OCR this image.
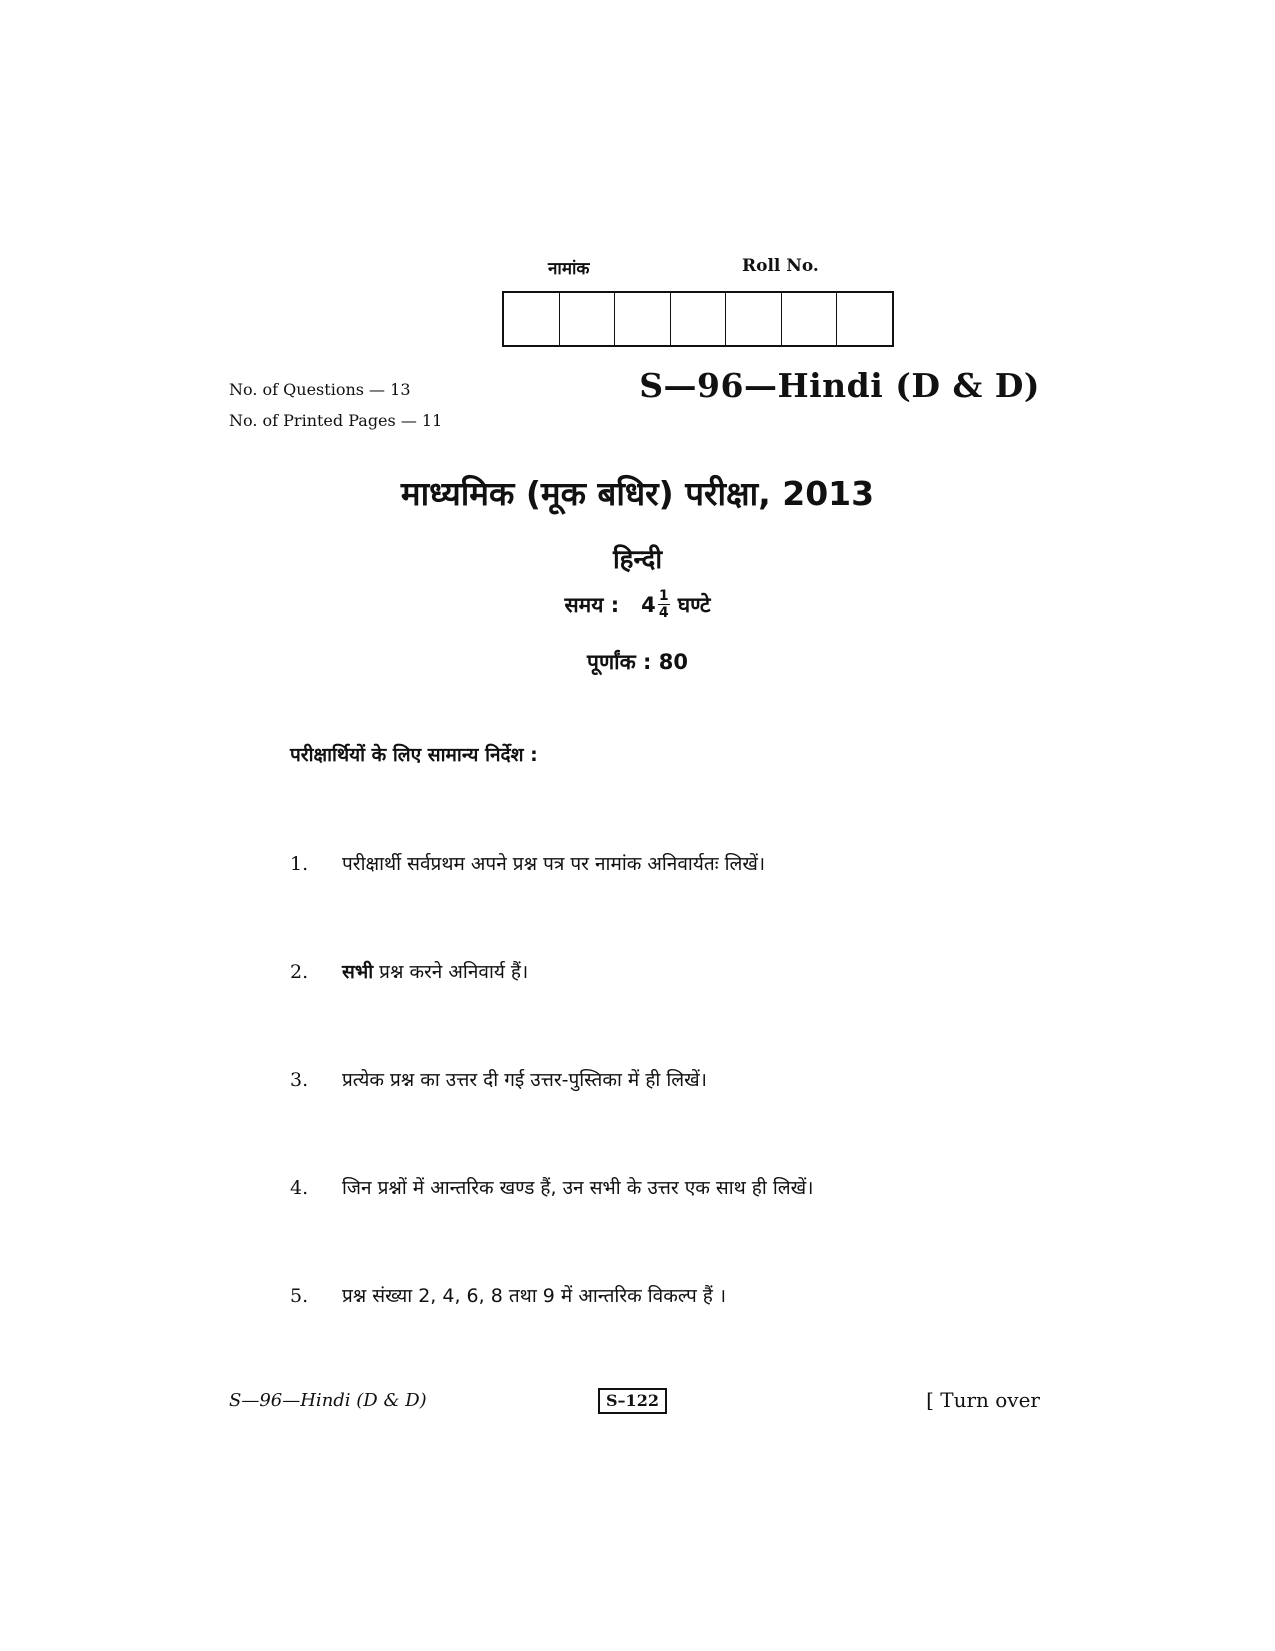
नामांक	Roll No.
No. of Questions — 13
No. of Printed Pages — 11
S—96—Hindi (D & D)
माध्यमिक (मूक बधिर) परीक्षा, 2013
हिन्दी
समय : $4 \frac{1}{4}$ घण्टे
पूर्णांक : 80
परीक्षार्थियों के लिए सामान्य निर्देश :
1. परीक्षार्थी सर्वप्रथम अपने प्रश्न पत्र पर नामांक अनिवार्यतः लिखें।
2. सभी प्रश्न करने अनिवार्य हैं।
3. प्रत्येक प्रश्न का उत्तर दी गई उत्तर-पुस्तिका में ही लिखें।
4. जिन प्रश्नों में आन्तरिक खण्ड हैं, उन सभी के उत्तर एक साथ ही लिखें।
5. प्रश्न संख्या 2, 4, 6, 8 तथा 9 में आन्तरिक विकल्प हैं ।
S—96—Hindi (D & D)	S–122	[ Turn over
